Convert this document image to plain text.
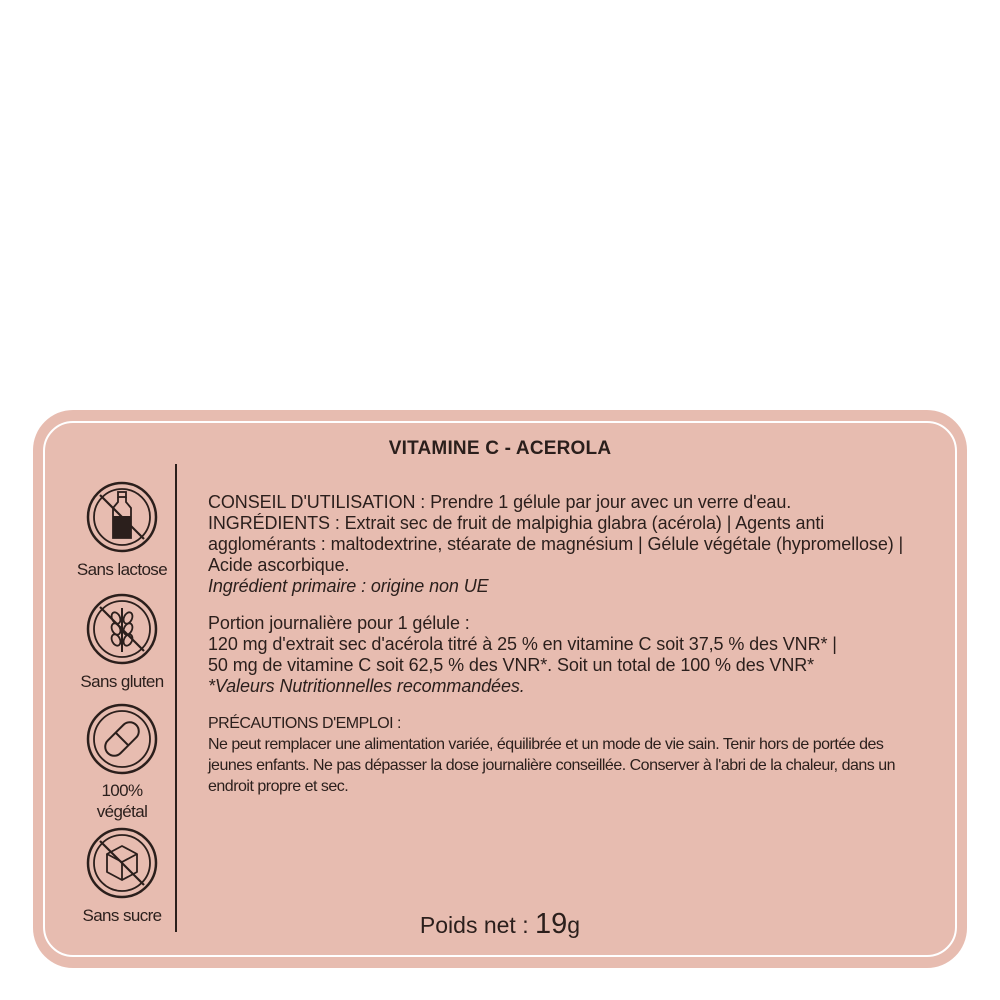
VITAMINE C - ACEROLA
Sans lactose
Sans gluten
100%
végétal
Sans sucre

CONSEIL D'UTILISATION : Prendre 1 gélule par jour avec un verre d'eau.

INGRÉDIENTS : Extrait sec de fruit de malpighia glabra (acérola) | Agents anti agglomérants : maltodextrine, stéarate de magnésium | Gélule végétale (hypromellose) | Acide ascorbique.

Ingrédient primaire : origine non UE

Portion journalière pour 1 gélule :

120 mg d'extrait sec d'acérola titré à 25 % en vitamine C soit 37,5 % des VNR* |

50 mg de vitamine C soit 62,5 % des VNR*. Soit un total de 100 % des VNR*

*Valeurs Nutritionnelles recommandées.

PRÉCAUTIONS D'EMPLOI :

Ne peut remplacer une alimentation variée, équilibrée et un mode de vie sain. Tenir hors de portée des jeunes enfants. Ne pas dépasser la dose journalière conseillée. Conserver à l'abri de la chaleur, dans un endroit propre et sec.

Poids net : 19g
